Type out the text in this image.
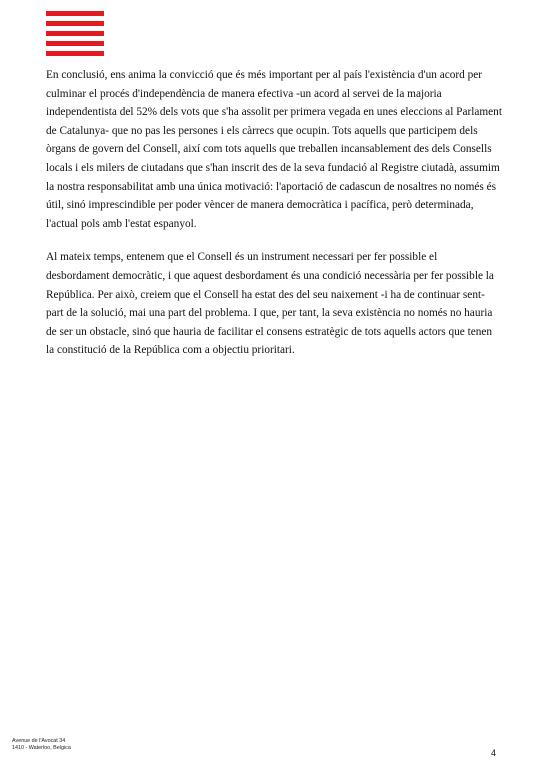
En conclusió, ens anima la convicció que és més important per al país l'existència d'un acord per culminar el procés d'independència de manera efectiva -un acord al servei de la majoria independentista del 52% dels vots que s'ha assolit per primera vegada en unes eleccions al Parlament de Catalunya- que no pas les persones i els càrrecs que ocupin. Tots aquells que participem dels òrgans de govern del Consell, així com tots aquells que treballen incansablement des dels Consells locals i els milers de ciutadans que s'han inscrit des de la seva fundació al Registre ciutadà, assumim la nostra responsabilitat amb una única motivació: l'aportació de cadascun de nosaltres no només és útil, sinó imprescindible per poder vèncer de manera democràtica i pacífica, però determinada, l'actual pols amb l'estat espanyol.

Al mateix temps, entenem que el Consell és un instrument necessari per fer possible el desbordament democràtic, i que aquest desbordament és una condició necessària per fer possible la República. Per això, creiem que el Consell ha estat des del seu naixement -i ha de continuar sent- part de la solució, mai una part del problema. I que, per tant, la seva existència no només no hauria de ser un obstacle, sinó que hauria de facilitar el consens estratègic de tots aquells actors que tenen la constitució de la República com a objectiu prioritari.

Avenue de l'Avocat 34
1410 - Waterloo, Belgica	4
